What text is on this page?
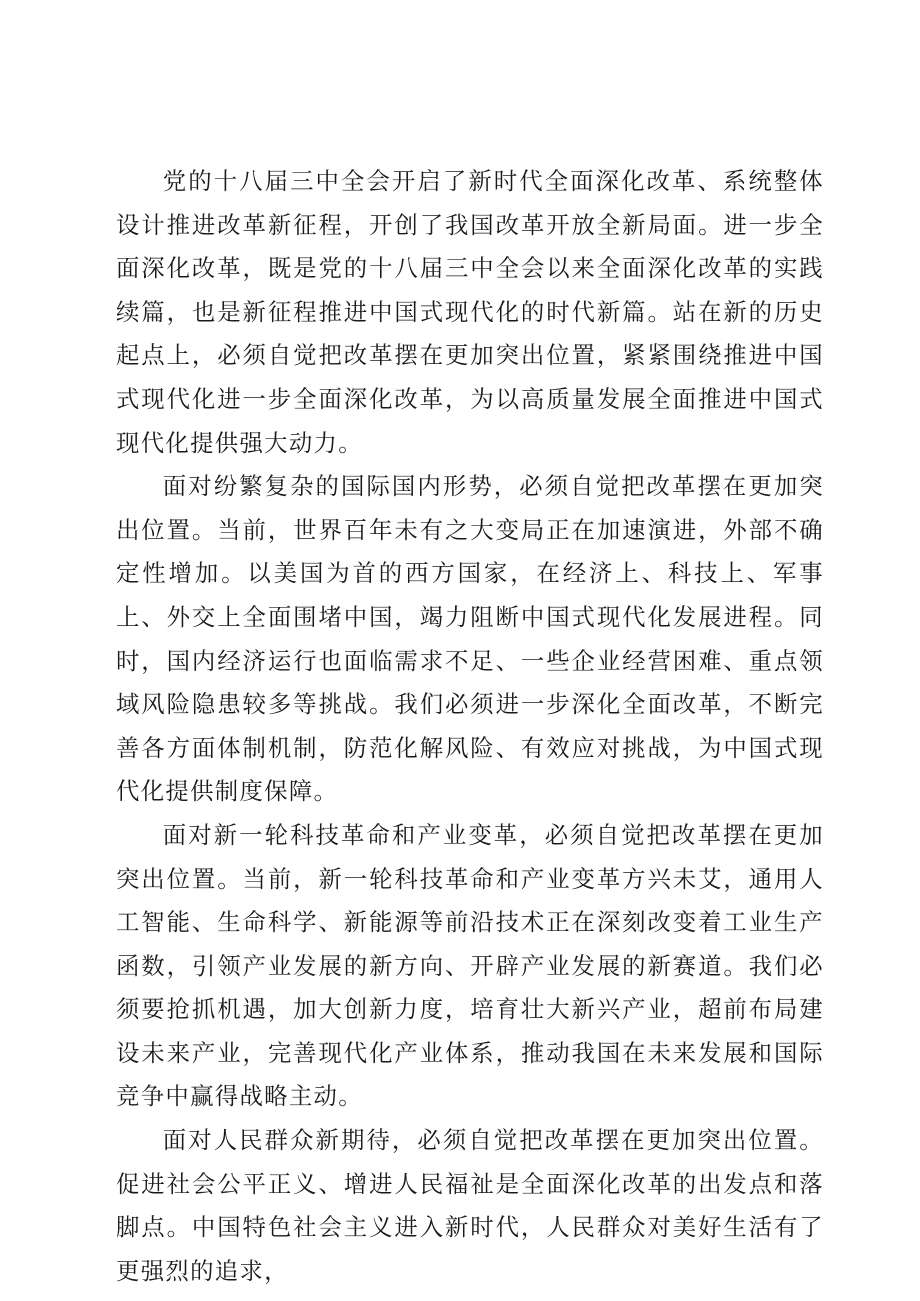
党的十八届三中全会开启了新时代全面深化改革、系统整体设计推进改革新征程，开创了我国改革开放全新局面。进一步全面深化改革，既是党的十八届三中全会以来全面深化改革的实践续篇，也是新征程推进中国式现代化的时代新篇。站在新的历史起点上，必须自觉把改革摆在更加突出位置，紧紧围绕推进中国式现代化进一步全面深化改革，为以高质量发展全面推进中国式现代化提供强大动力。

面对纷繁复杂的国际国内形势，必须自觉把改革摆在更加突出位置。当前，世界百年未有之大变局正在加速演进，外部不确定性增加。以美国为首的西方国家，在经济上、科技上、军事上、外交上全面围堵中国，竭力阻断中国式现代化发展进程。同时，国内经济运行也面临需求不足、一些企业经营困难、重点领域风险隐患较多等挑战。我们必须进一步深化全面改革，不断完善各方面体制机制，防范化解风险、有效应对挑战，为中国式现代化提供制度保障。

面对新一轮科技革命和产业变革，必须自觉把改革摆在更加突出位置。当前，新一轮科技革命和产业变革方兴未艾，通用人工智能、生命科学、新能源等前沿技术正在深刻改变着工业生产函数，引领产业发展的新方向、开辟产业发展的新赛道。我们必须要抢抓机遇，加大创新力度，培育壮大新兴产业，超前布局建设未来产业，完善现代化产业体系，推动我国在未来发展和国际竞争中赢得战略主动。

面对人民群众新期待，必须自觉把改革摆在更加突出位置。促进社会公平正义、增进人民福祉是全面深化改革的出发点和落脚点。中国特色社会主义进入新时代，人民群众对美好生活有了更强烈的追求，
